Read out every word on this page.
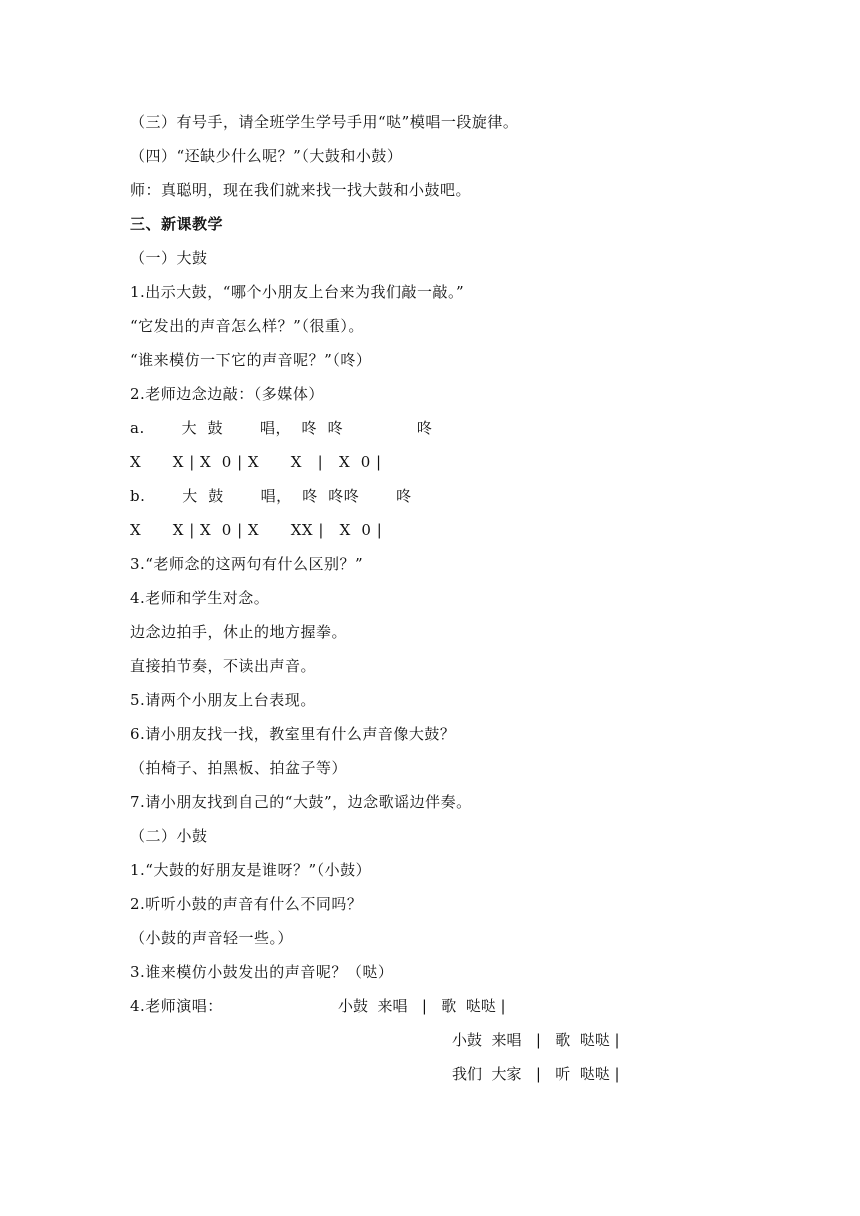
（三）有号手，请全班学生学号手用“哒”模唱一段旋律。
（四）“还缺少什么呢？”（大鼓和小鼓）
师：真聪明，现在我们就来找一找大鼓和小鼓吧。
三、新课教学
（一）大鼓
1.出示大鼓，“哪个小朋友上台来为我们敲一敲。”
“它发出的声音怎么样？”（很重）。
“谁来模仿一下它的声音呢？”（咚）
2.老师边念边敲：（多媒体）
a.       大  鼓       唱，  咚  咚              咚
X      X | X  0 | X      X   |   X  0 |
b.       大  鼓       唱，  咚  咚咚       咚
X      X | X  0 | X      XX |   X  0 |
3.“老师念的这两句有什么区别？”
4.老师和学生对念。
边念边拍手，休止的地方握拳。
直接拍节奏，不读出声音。
5.请两个小朋友上台表现。
6.请小朋友找一找，教室里有什么声音像大鼓？
（拍椅子、拍黑板、拍盆子等）
7.请小朋友找到自己的“大鼓”，边念歌谣边伴奏。
（二）小鼓
1.“大鼓的好朋友是谁呀？”（小鼓）
2.听听小鼓的声音有什么不同吗？
（小鼓的声音轻一些。）
3.谁来模仿小鼓发出的声音呢？（哒）
4.老师演唱：	小鼓  来唱   |   歌  哒哒 |
小鼓  来唱   |   歌  哒哒 |
我们  大家   |   听  哒哒 |
